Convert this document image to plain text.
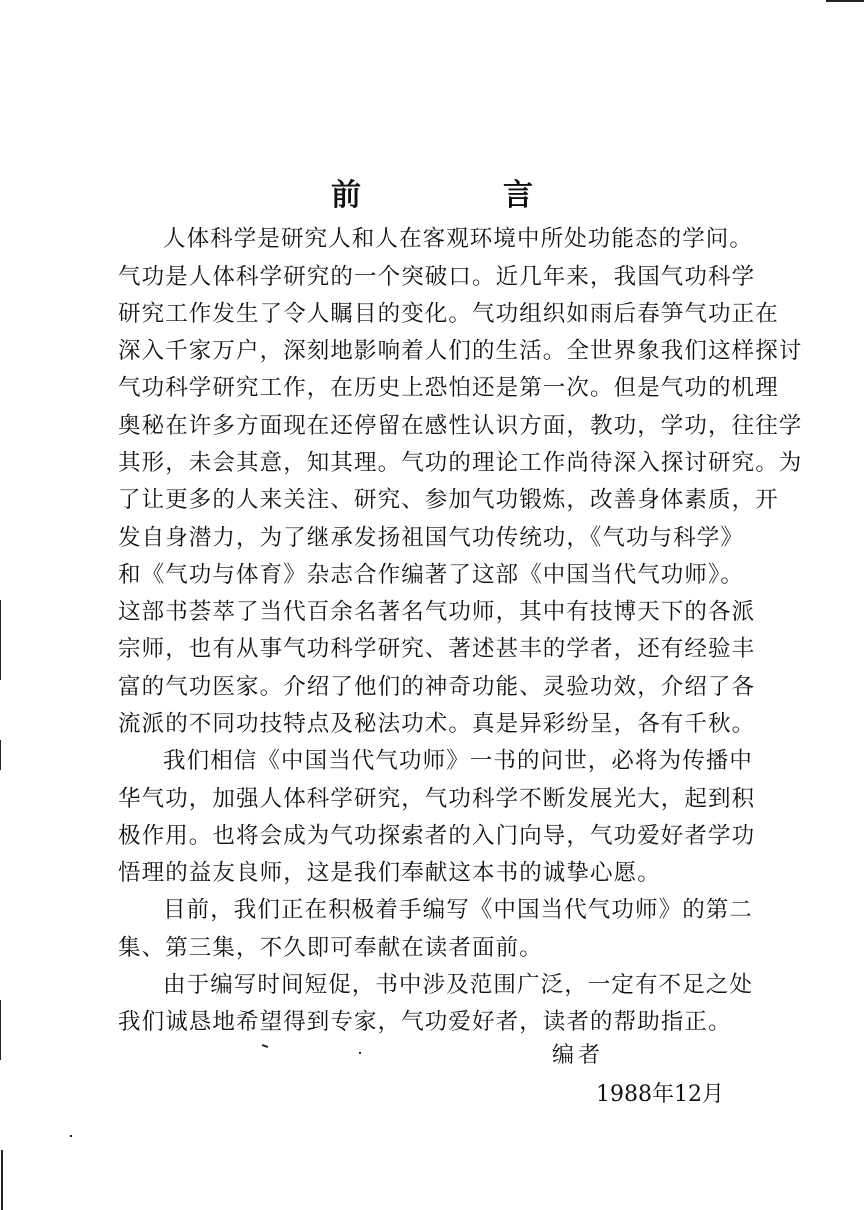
前　言
人体科学是研究人和人在客观环境中所处功能态的学问。
气功是人体科学研究的一个突破口。近几年来，我国气功科学
研究工作发生了令人瞩目的变化。气功组织如雨后春笋气功正在
深入千家万户，深刻地影响着人们的生活。全世界象我们这样探讨
气功科学研究工作，在历史上恐怕还是第一次。但是气功的机理
奥秘在许多方面现在还停留在感性认识方面，教功，学功，往往学
其形，未会其意，知其理。气功的理论工作尚待深入探讨研究。为
了让更多的人来关注、研究、参加气功锻炼，改善身体素质，开
发自身潜力，为了继承发扬祖国气功传统功，《气功与科学》
和《气功与体育》杂志合作编著了这部《中国当代气功师》。
这部书荟萃了当代百余名著名气功师，其中有技博天下的各派
宗师，也有从事气功科学研究、著述甚丰的学者，还有经验丰
富的气功医家。介绍了他们的神奇功能、灵验功效，介绍了各
流派的不同功技特点及秘法功术。真是异彩纷呈，各有千秋。
我们相信《中国当代气功师》一书的问世，必将为传播中
华气功，加强人体科学研究，气功科学不断发展光大，起到积
极作用。也将会成为气功探索者的入门向导，气功爱好者学功
悟理的益友良师，这是我们奉献这本书的诚挚心愿。
目前，我们正在积极着手编写《中国当代气功师》的第二
集、第三集，不久即可奉献在读者面前。
由于编写时间短促，书中涉及范围广泛，一定有不足之处
我们诚恳地希望得到专家，气功爱好者，读者的帮助指正。
编者
1988年12月
